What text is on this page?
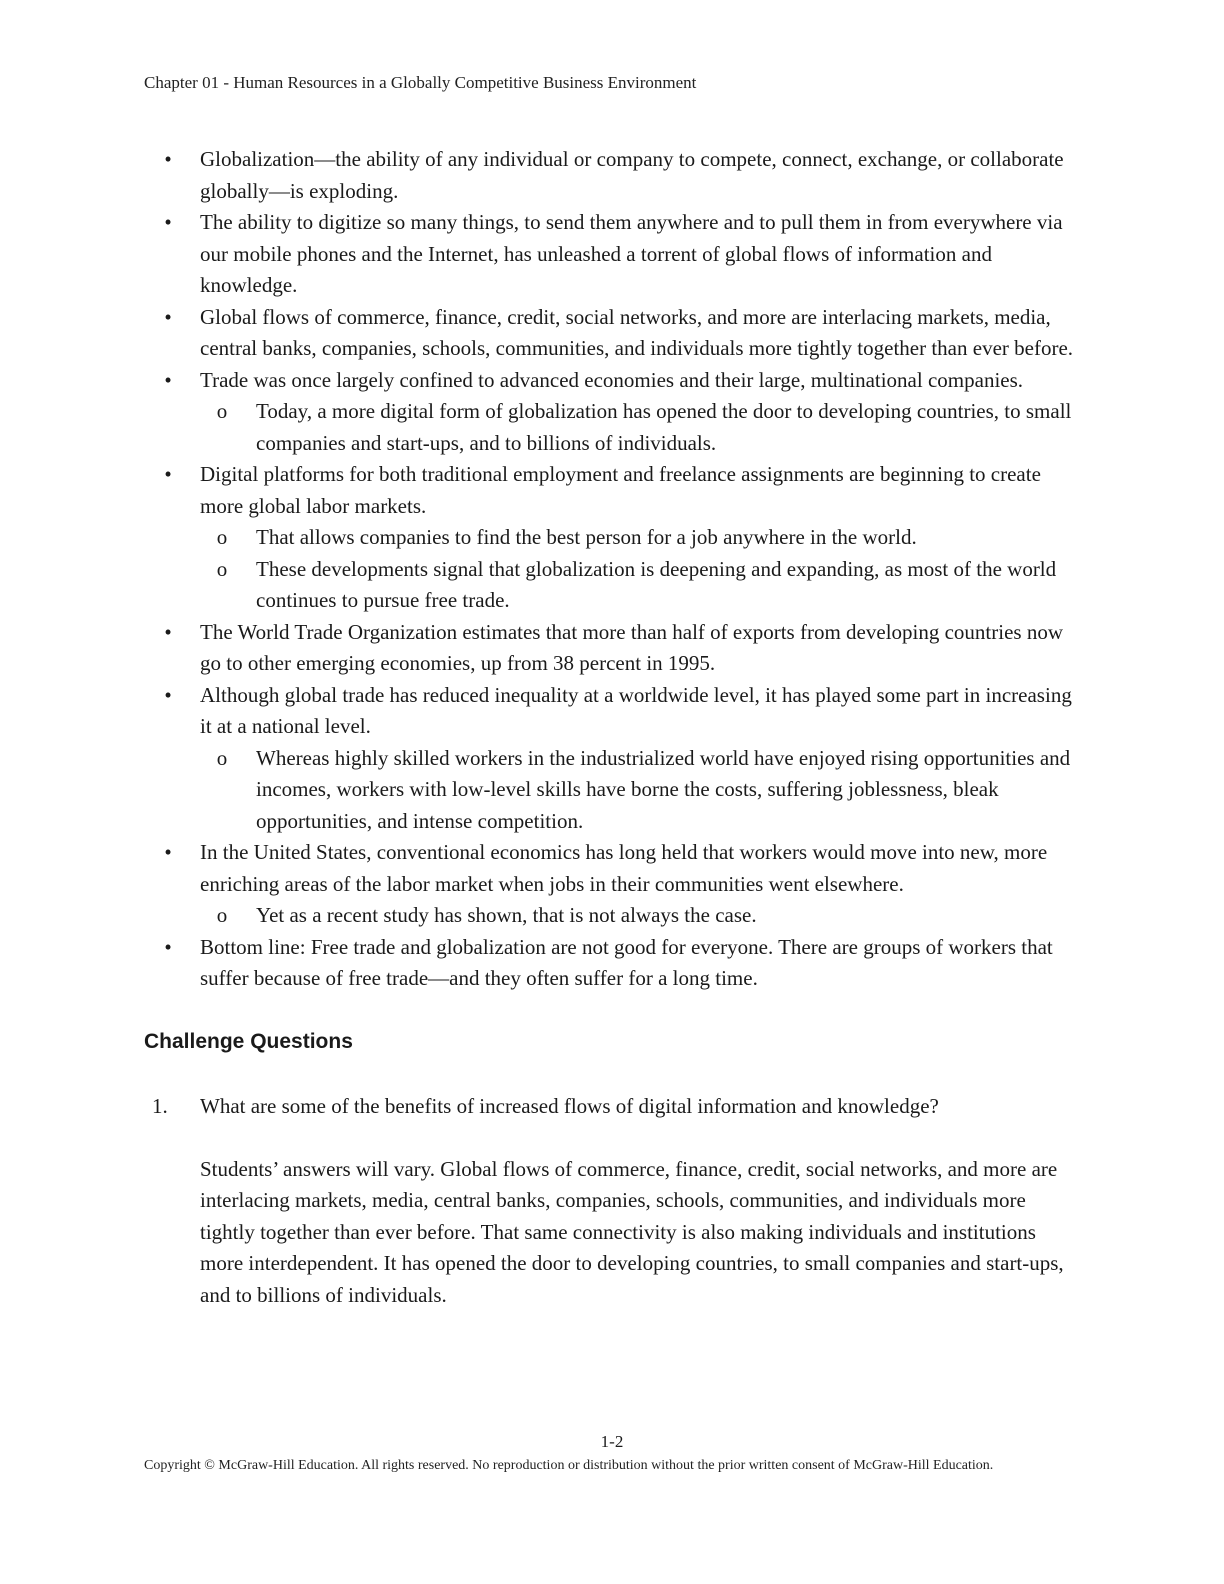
Chapter 01 - Human Resources in a Globally Competitive Business Environment
• Globalization—the ability of any individual or company to compete, connect, exchange, or collaborate globally—is exploding.
• The ability to digitize so many things, to send them anywhere and to pull them in from everywhere via our mobile phones and the Internet, has unleashed a torrent of global flows of information and knowledge.
• Global flows of commerce, finance, credit, social networks, and more are interlacing markets, media, central banks, companies, schools, communities, and individuals more tightly together than ever before.
• Trade was once largely confined to advanced economies and their large, multinational companies.
o Today, a more digital form of globalization has opened the door to developing countries, to small companies and start-ups, and to billions of individuals.
• Digital platforms for both traditional employment and freelance assignments are beginning to create more global labor markets.
o That allows companies to find the best person for a job anywhere in the world.
o These developments signal that globalization is deepening and expanding, as most of the world continues to pursue free trade.
• The World Trade Organization estimates that more than half of exports from developing countries now go to other emerging economies, up from 38 percent in 1995.
• Although global trade has reduced inequality at a worldwide level, it has played some part in increasing it at a national level.
o Whereas highly skilled workers in the industrialized world have enjoyed rising opportunities and incomes, workers with low-level skills have borne the costs, suffering joblessness, bleak opportunities, and intense competition.
• In the United States, conventional economics has long held that workers would move into new, more enriching areas of the labor market when jobs in their communities went elsewhere.
o Yet as a recent study has shown, that is not always the case.
• Bottom line: Free trade and globalization are not good for everyone. There are groups of workers that suffer because of free trade—and they often suffer for a long time.
Challenge Questions
1. What are some of the benefits of increased flows of digital information and knowledge?
Students’ answers will vary. Global flows of commerce, finance, credit, social networks, and more are interlacing markets, media, central banks, companies, schools, communities, and individuals more tightly together than ever before. That same connectivity is also making individuals and institutions more interdependent. It has opened the door to developing countries, to small companies and start-ups, and to billions of individuals.
1-2
Copyright © McGraw-Hill Education. All rights reserved. No reproduction or distribution without the prior written consent of McGraw-Hill Education.
